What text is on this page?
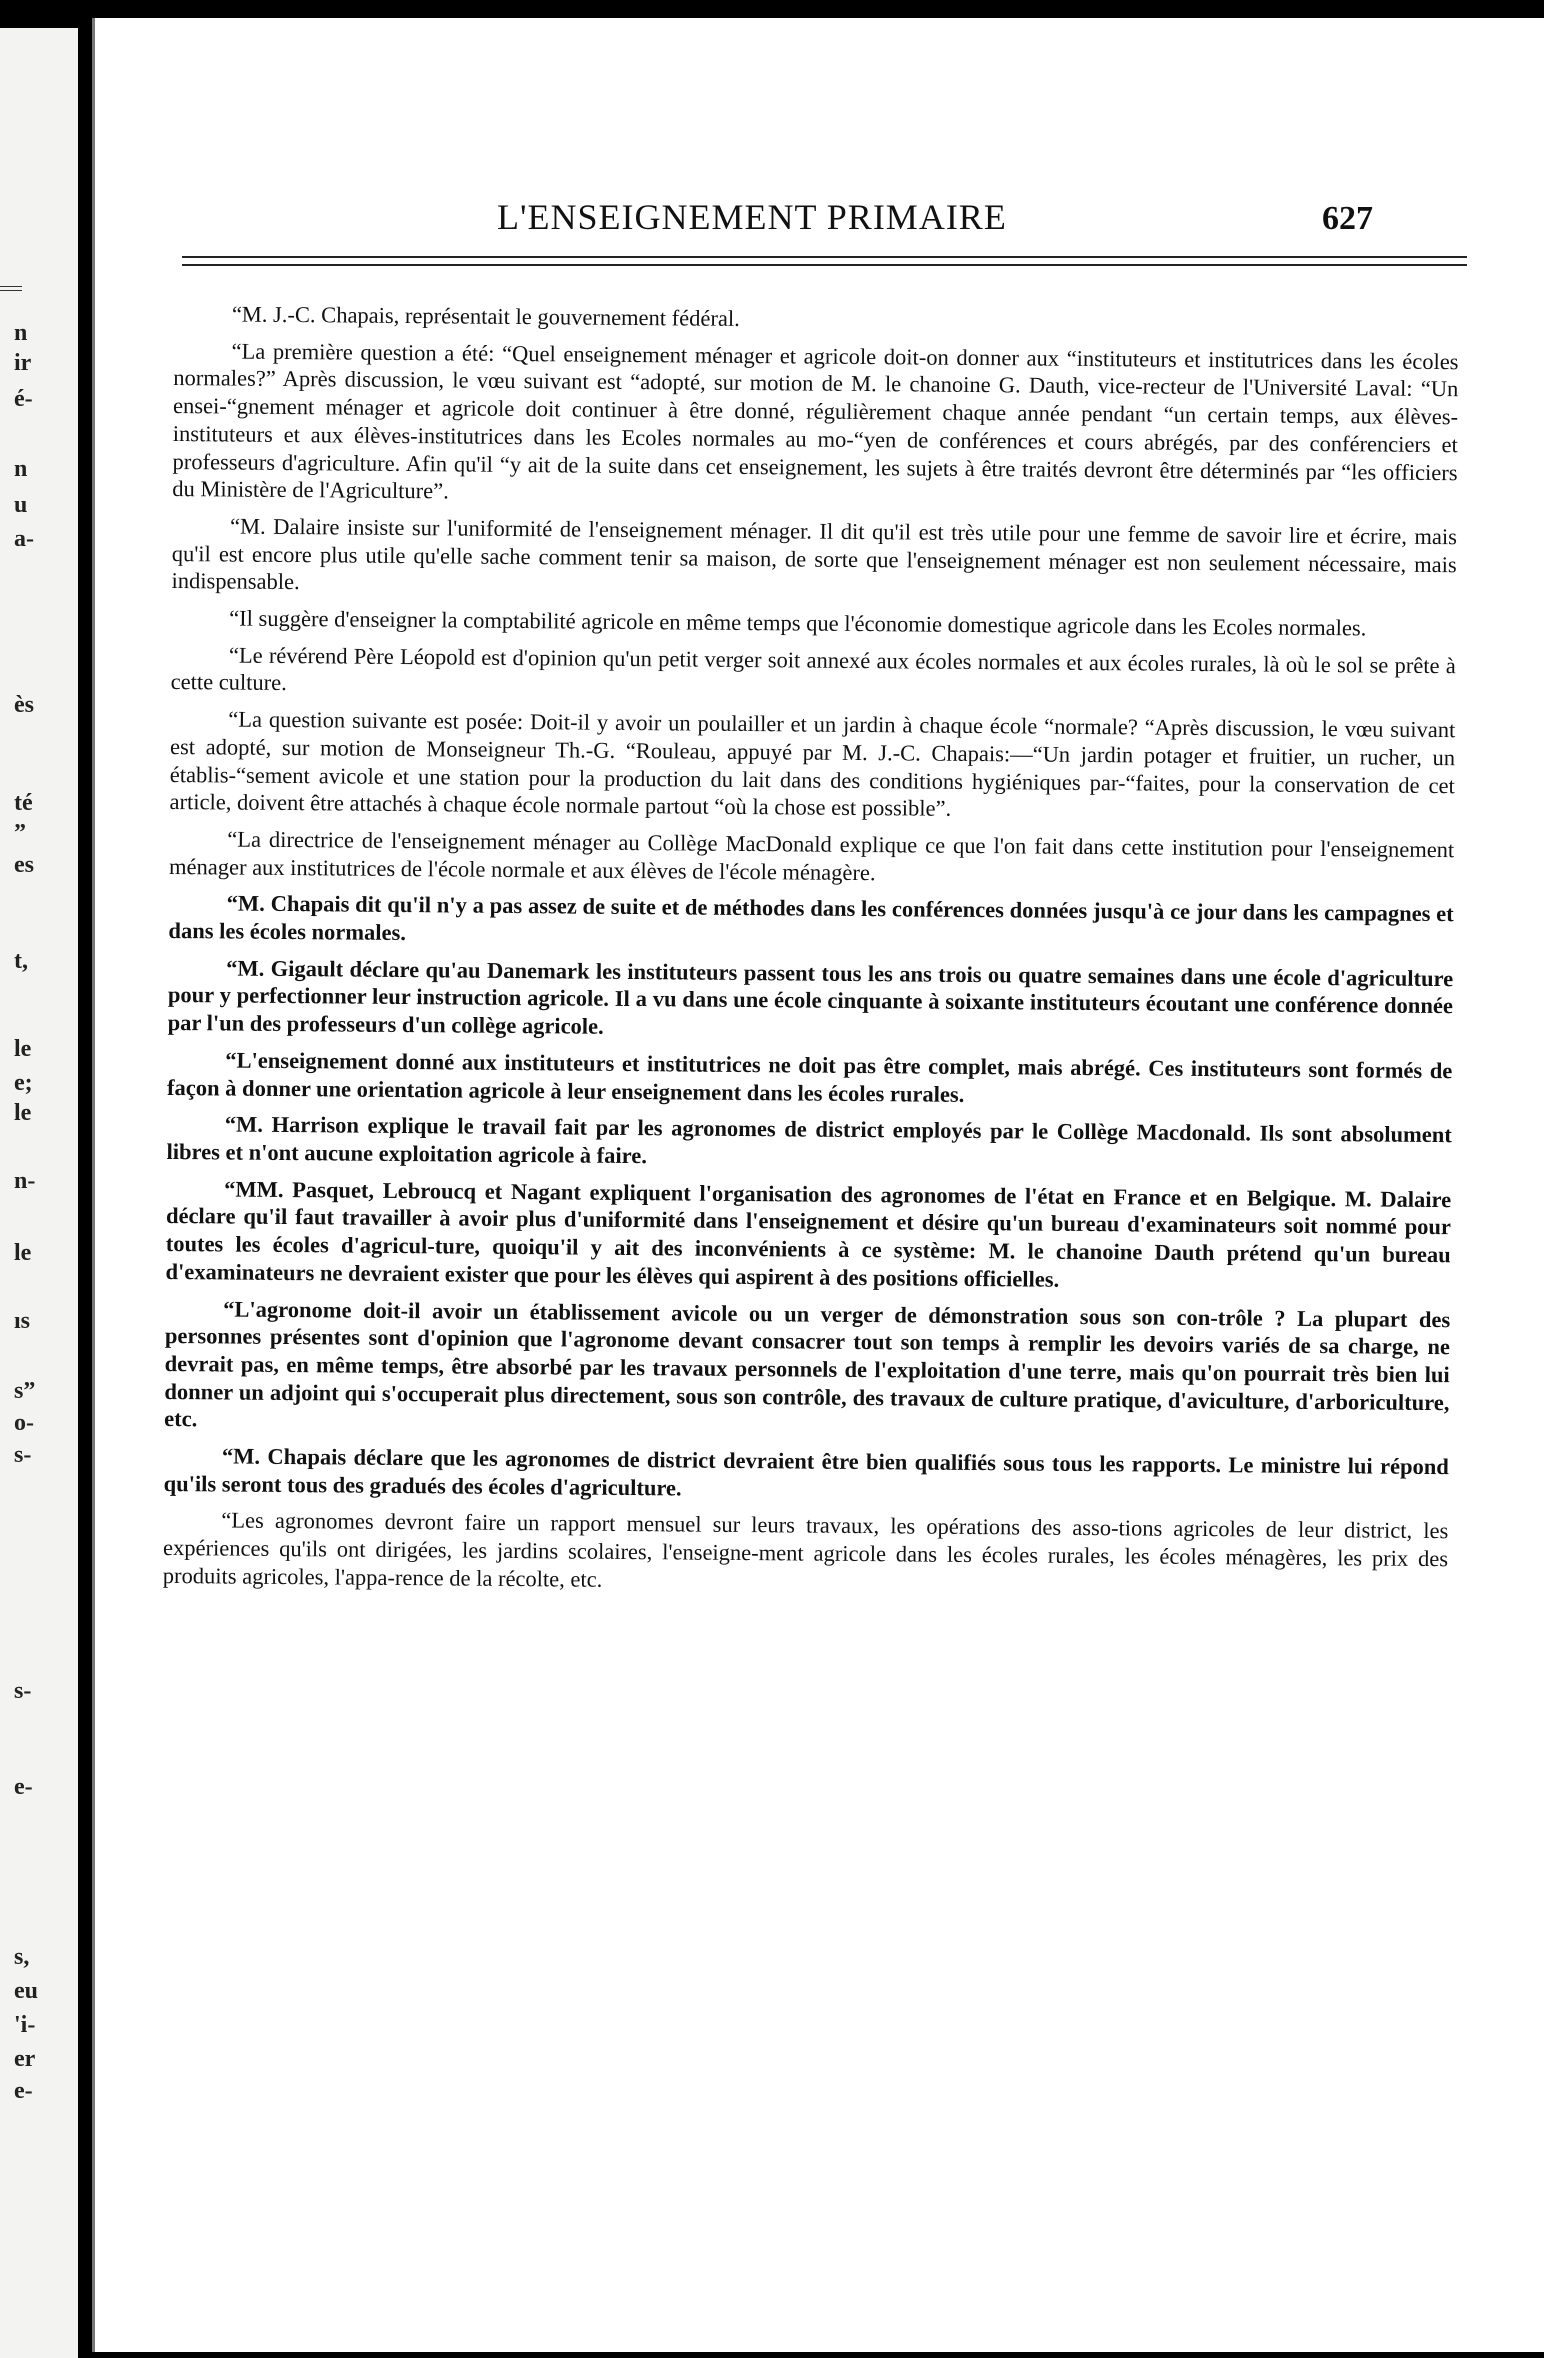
n
ir
é-
n
u
a-
ès
té
”
es
t,
le
e;
le
n-
le
ıs
s”
o-
s-
s-
e-
s,
eu
'i-
er
e-
L'ENSEIGNEMENT PRIMAIRE	627

“M. J.-C. Chapais, représentait le gouvernement fédéral.

“La première question a été: “Quel enseignement ménager et agricole doit-on donner aux “instituteurs et institutrices dans les écoles normales?” Après discussion, le vœu suivant est “adopté, sur motion de M. le chanoine G. Dauth, vice-recteur de l'Université Laval: “Un ensei-“gnement ménager et agricole doit continuer à être donné, régulièrement chaque année pendant “un certain temps, aux élèves-instituteurs et aux élèves-institutrices dans les Ecoles normales au mo-“yen de conférences et cours abrégés, par des conférenciers et professeurs d'agriculture. Afin qu'il “y ait de la suite dans cet enseignement, les sujets à être traités devront être déterminés par “les officiers du Ministère de l'Agriculture”.

“M. Dalaire insiste sur l'uniformité de l'enseignement ménager. Il dit qu'il est très utile pour une femme de savoir lire et écrire, mais qu'il est encore plus utile qu'elle sache comment tenir sa maison, de sorte que l'enseignement ménager est non seulement nécessaire, mais indispensable.

“Il suggère d'enseigner la comptabilité agricole en même temps que l'économie domestique agricole dans les Ecoles normales.

“Le révérend Père Léopold est d'opinion qu'un petit verger soit annexé aux écoles normales et aux écoles rurales, là où le sol se prête à cette culture.

“La question suivante est posée: Doit-il y avoir un poulailler et un jardin à chaque école “normale? “Après discussion, le vœu suivant est adopté, sur motion de Monseigneur Th.-G. “Rouleau, appuyé par M. J.-C. Chapais:—“Un jardin potager et fruitier, un rucher, un établis-“sement avicole et une station pour la production du lait dans des conditions hygiéniques par-“faites, pour la conservation de cet article, doivent être attachés à chaque école normale partout “où la chose est possible”.

“La directrice de l'enseignement ménager au Collège MacDonald explique ce que l'on fait dans cette institution pour l'enseignement ménager aux institutrices de l'école normale et aux élèves de l'école ménagère.

“M. Chapais dit qu'il n'y a pas assez de suite et de méthodes dans les conférences données jusqu'à ce jour dans les campagnes et dans les écoles normales.

“M. Gigault déclare qu'au Danemark les instituteurs passent tous les ans trois ou quatre semaines dans une école d'agriculture pour y perfectionner leur instruction agricole. Il a vu dans une école cinquante à soixante instituteurs écoutant une conférence donnée par l'un des professeurs d'un collège agricole.

“L'enseignement donné aux instituteurs et institutrices ne doit pas être complet, mais abrégé. Ces instituteurs sont formés de façon à donner une orientation agricole à leur enseignement dans les écoles rurales.

“M. Harrison explique le travail fait par les agronomes de district employés par le Collège Macdonald. Ils sont absolument libres et n'ont aucune exploitation agricole à faire.

“MM. Pasquet, Lebroucq et Nagant expliquent l'organisation des agronomes de l'état en France et en Belgique. M. Dalaire déclare qu'il faut travailler à avoir plus d'uniformité dans l'enseignement et désire qu'un bureau d'examinateurs soit nommé pour toutes les écoles d'agricul-ture, quoiqu'il y ait des inconvénients à ce système: M. le chanoine Dauth prétend qu'un bureau d'examinateurs ne devraient exister que pour les élèves qui aspirent à des positions officielles.

“L'agronome doit-il avoir un établissement avicole ou un verger de démonstration sous son con-trôle ? La plupart des personnes présentes sont d'opinion que l'agronome devant consacrer tout son temps à remplir les devoirs variés de sa charge, ne devrait pas, en même temps, être absorbé par les travaux personnels de l'exploitation d'une terre, mais qu'on pourrait très bien lui donner un adjoint qui s'occuperait plus directement, sous son contrôle, des travaux de culture pratique, d'aviculture, d'arboriculture, etc.

“M. Chapais déclare que les agronomes de district devraient être bien qualifiés sous tous les rapports. Le ministre lui répond qu'ils seront tous des gradués des écoles d'agriculture.

“Les agronomes devront faire un rapport mensuel sur leurs travaux, les opérations des asso-tions agricoles de leur district, les expériences qu'ils ont dirigées, les jardins scolaires, l'enseigne-ment agricole dans les écoles rurales, les écoles ménagères, les prix des produits agricoles, l'appa-rence de la récolte, etc.
